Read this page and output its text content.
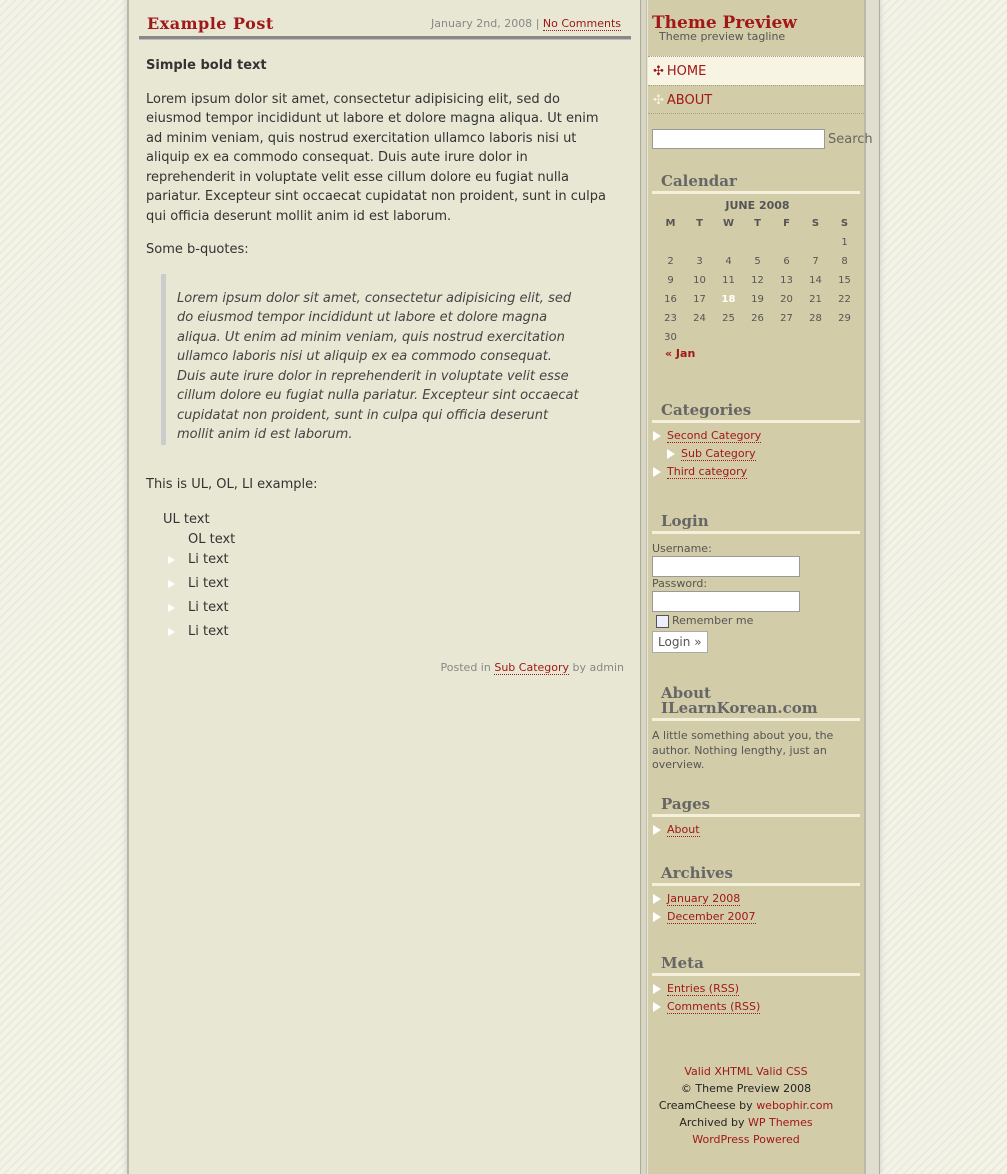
Example Post	January 2nd, 2008 | No Comments

Simple bold text

Lorem ipsum dolor sit amet, consectetur adipisicing elit, sed do eiusmod tempor incididunt ut labore et dolore magna aliqua. Ut enim ad minim veniam, quis nostrud exercitation ullamco laboris nisi ut aliquip ex ea commodo consequat. Duis aute irure dolor in reprehenderit in voluptate velit esse cillum dolore eu fugiat nulla pariatur. Excepteur sint occaecat cupidatat non proident, sunt in culpa qui officia deserunt mollit anim id est laborum.

Some b-quotes:

Lorem ipsum dolor sit amet, consectetur adipisicing elit, sed do eiusmod tempor incididunt ut labore et dolore magna aliqua. Ut enim ad minim veniam, quis nostrud exercitation ullamco laboris nisi ut aliquip ex ea commodo consequat. Duis aute irure dolor in reprehenderit in voluptate velit esse cillum dolore eu fugiat nulla pariatur. Excepteur sint occaecat cupidatat non proident, sunt in culpa qui officia deserunt mollit anim id est laborum.

This is UL, OL, LI example:

UL text
OL text
Li text
Li text
Li text
Li text
Posted in Sub Category by admin
Theme Preview
Theme preview tagline
✣ HOME
✣ ABOUT
Search
Calendar
JUNE 2008
M	T	W	T	F	S	S
						1
2	3	4	5	6	7	8
9	10	11	12	13	14	15
16	17	18	19	20	21	22
23	24	25	26	27	28	29
30						
« Jan
Categories
Second Category
Sub Category
Third category
Login
Username:
Password:
Remember me
Login »
About ILearnKorean.com
A little something about you, the author. Nothing lengthy, just an overview.
Pages
About
Archives
January 2008
December 2007
Meta
Entries (RSS)
Comments (RSS)
Valid XHTML Valid CSS
© Theme Preview 2008
CreamCheese by webophir.com
Archived by WP Themes
WordPress Powered
